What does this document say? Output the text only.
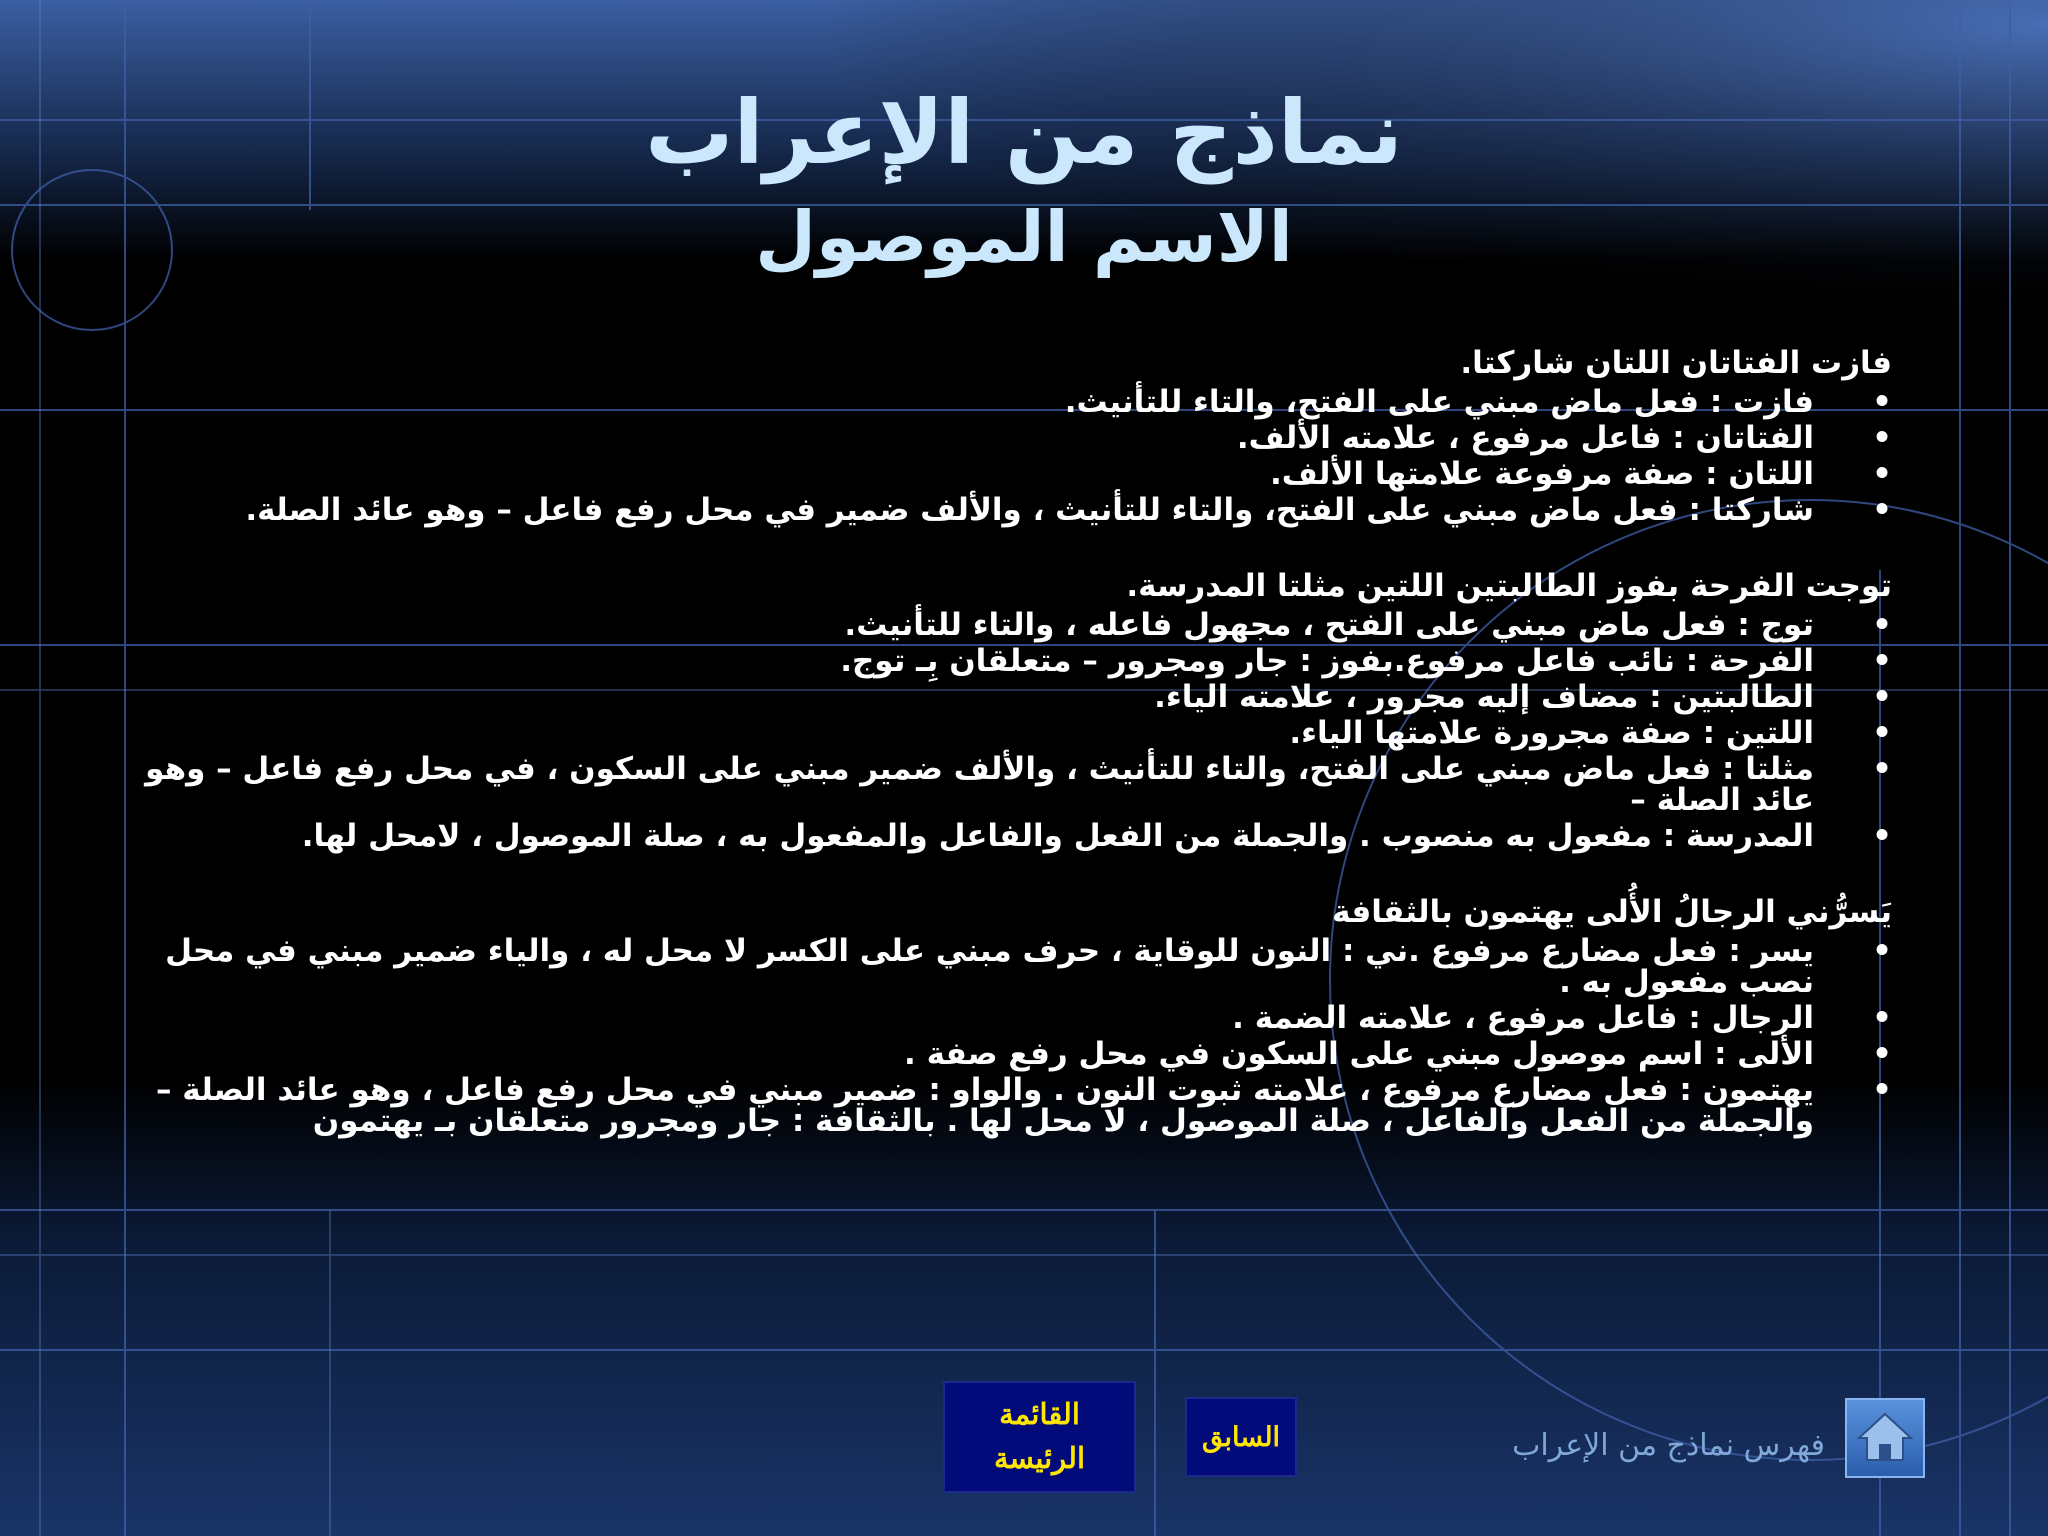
نماذج من الإعراب
الاسم الموصول

فازت الفتاتان اللتان شاركتا.

• فازت : فعل ماض مبني على الفتح، والتاء للتأنيث.
• الفتاتان : فاعل مرفوع ، علامته الألف.
• اللتان : صفة مرفوعة علامتها الألف.
• شاركتا : فعل ماض مبني على الفتح، والتاء للتأنيث ، والألف ضمير في محل رفع فاعل – وهو عائد الصلة.

توجت الفرحة بفوز الطالبتين اللتين مثلتا المدرسة.

• توج : فعل ماض مبني على الفتح ، مجهول فاعله ، والتاء للتأنيث.
• الفرحة : نائب فاعل مرفوع.بفوز : جار ومجرور – متعلقان بِـ توج.
• الطالبتين : مضاف إليه مجرور ، علامته الياء.
• اللتين : صفة مجرورة علامتها الياء.
• مثلتا : فعل ماض مبني على الفتح، والتاء للتأنيث ، والألف ضمير مبني على السكون ، في محل رفع فاعل – وهو عائد الصلة –
• المدرسة : مفعول به منصوب . والجملة من الفعل والفاعل والمفعول به ، صلة الموصول ، لامحل لها.

يَسرُّني الرجالُ الأُلى يهتمون بالثقافة

• يسر : فعل مضارع مرفوع .ني : النون للوقاية ، حرف مبني على الكسر لا محل له ، والياء ضمير مبني في محل نصب مفعول به .
• الرجال : فاعل مرفوع ، علامته الضمة .
• الألى : اسم موصول مبني على السكون في محل رفع صفة .
• يهتمون : فعل مضارع مرفوع ، علامته ثبوت النون . والواو : ضمير مبني في محل رفع فاعل ، وهو عائد الصلة – والجملة من الفعل والفاعل ، صلة الموصول ، لا محل لها . بالثقافة : جار ومجرور متعلقان بـ يهتمون
القائمة
الرئيسة
السابق	فهرس نماذج من الإعراب
